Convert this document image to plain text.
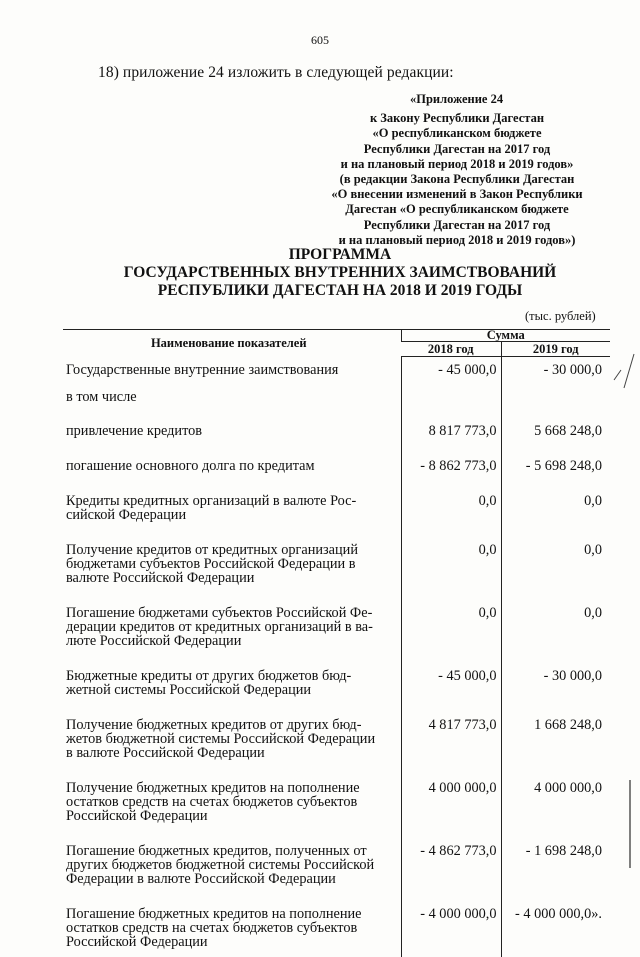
605
18) приложение 24 изложить в следующей редакции:
«Приложение 24
к Закону Республики Дагестан
«О республиканском бюджете
Республики Дагестан на 2017 год
и на плановый период 2018 и 2019 годов»
(в редакции Закона Республики Дагестан
«О внесении изменений в Закон Республики
Дагестан «О республиканском бюджете
Республики Дагестан на 2017 год
и на плановый период 2018 и 2019 годов»)
ПРОГРАММА
ГОСУДАРСТВЕННЫХ ВНУТРЕННИХ ЗАИМСТВОВАНИЙ
РЕСПУБЛИКИ ДАГЕСТАН НА 2018 И 2019 ГОДЫ
(тыс. рублей)
Наименование показателей	Сумма	
	2018 год	2019 год
Государственные внутренние заимствования	- 45 000,0	- 30 000,0
в том числе		
привлечение кредитов	8 817 773,0	5 668 248,0
погашение основного долга по кредитам	- 8 862 773,0	- 5 698 248,0
Кредиты кредитных организаций в валюте Рос-
сийской Федерации	0,0	0,0
Получение кредитов от кредитных организаций
бюджетами субъектов Российской Федерации в
валюте Российской Федерации	0,0	0,0
Погашение бюджетами субъектов Российской Фе-
дерации кредитов от кредитных организаций в ва-
люте Российской Федерации	0,0	0,0
Бюджетные кредиты от других бюджетов бюд-
жетной системы Российской Федерации	- 45 000,0	- 30 000,0
Получение бюджетных кредитов от других бюд-
жетов бюджетной системы Российской Федерации
в валюте Российской Федерации	4 817 773,0	1 668 248,0
Получение бюджетных кредитов на пополнение
остатков средств на счетах бюджетов субъектов
Российской Федерации	4 000 000,0	4 000 000,0
Погашение бюджетных кредитов, полученных от
других бюджетов бюджетной системы Российской
Федерации в валюте Российской Федерации	- 4 862 773,0	- 1 698 248,0
Погашение бюджетных кредитов на пополнение
остатков средств на счетах бюджетов субъектов
Российской Федерации	- 4 000 000,0	- 4 000 000,0».
